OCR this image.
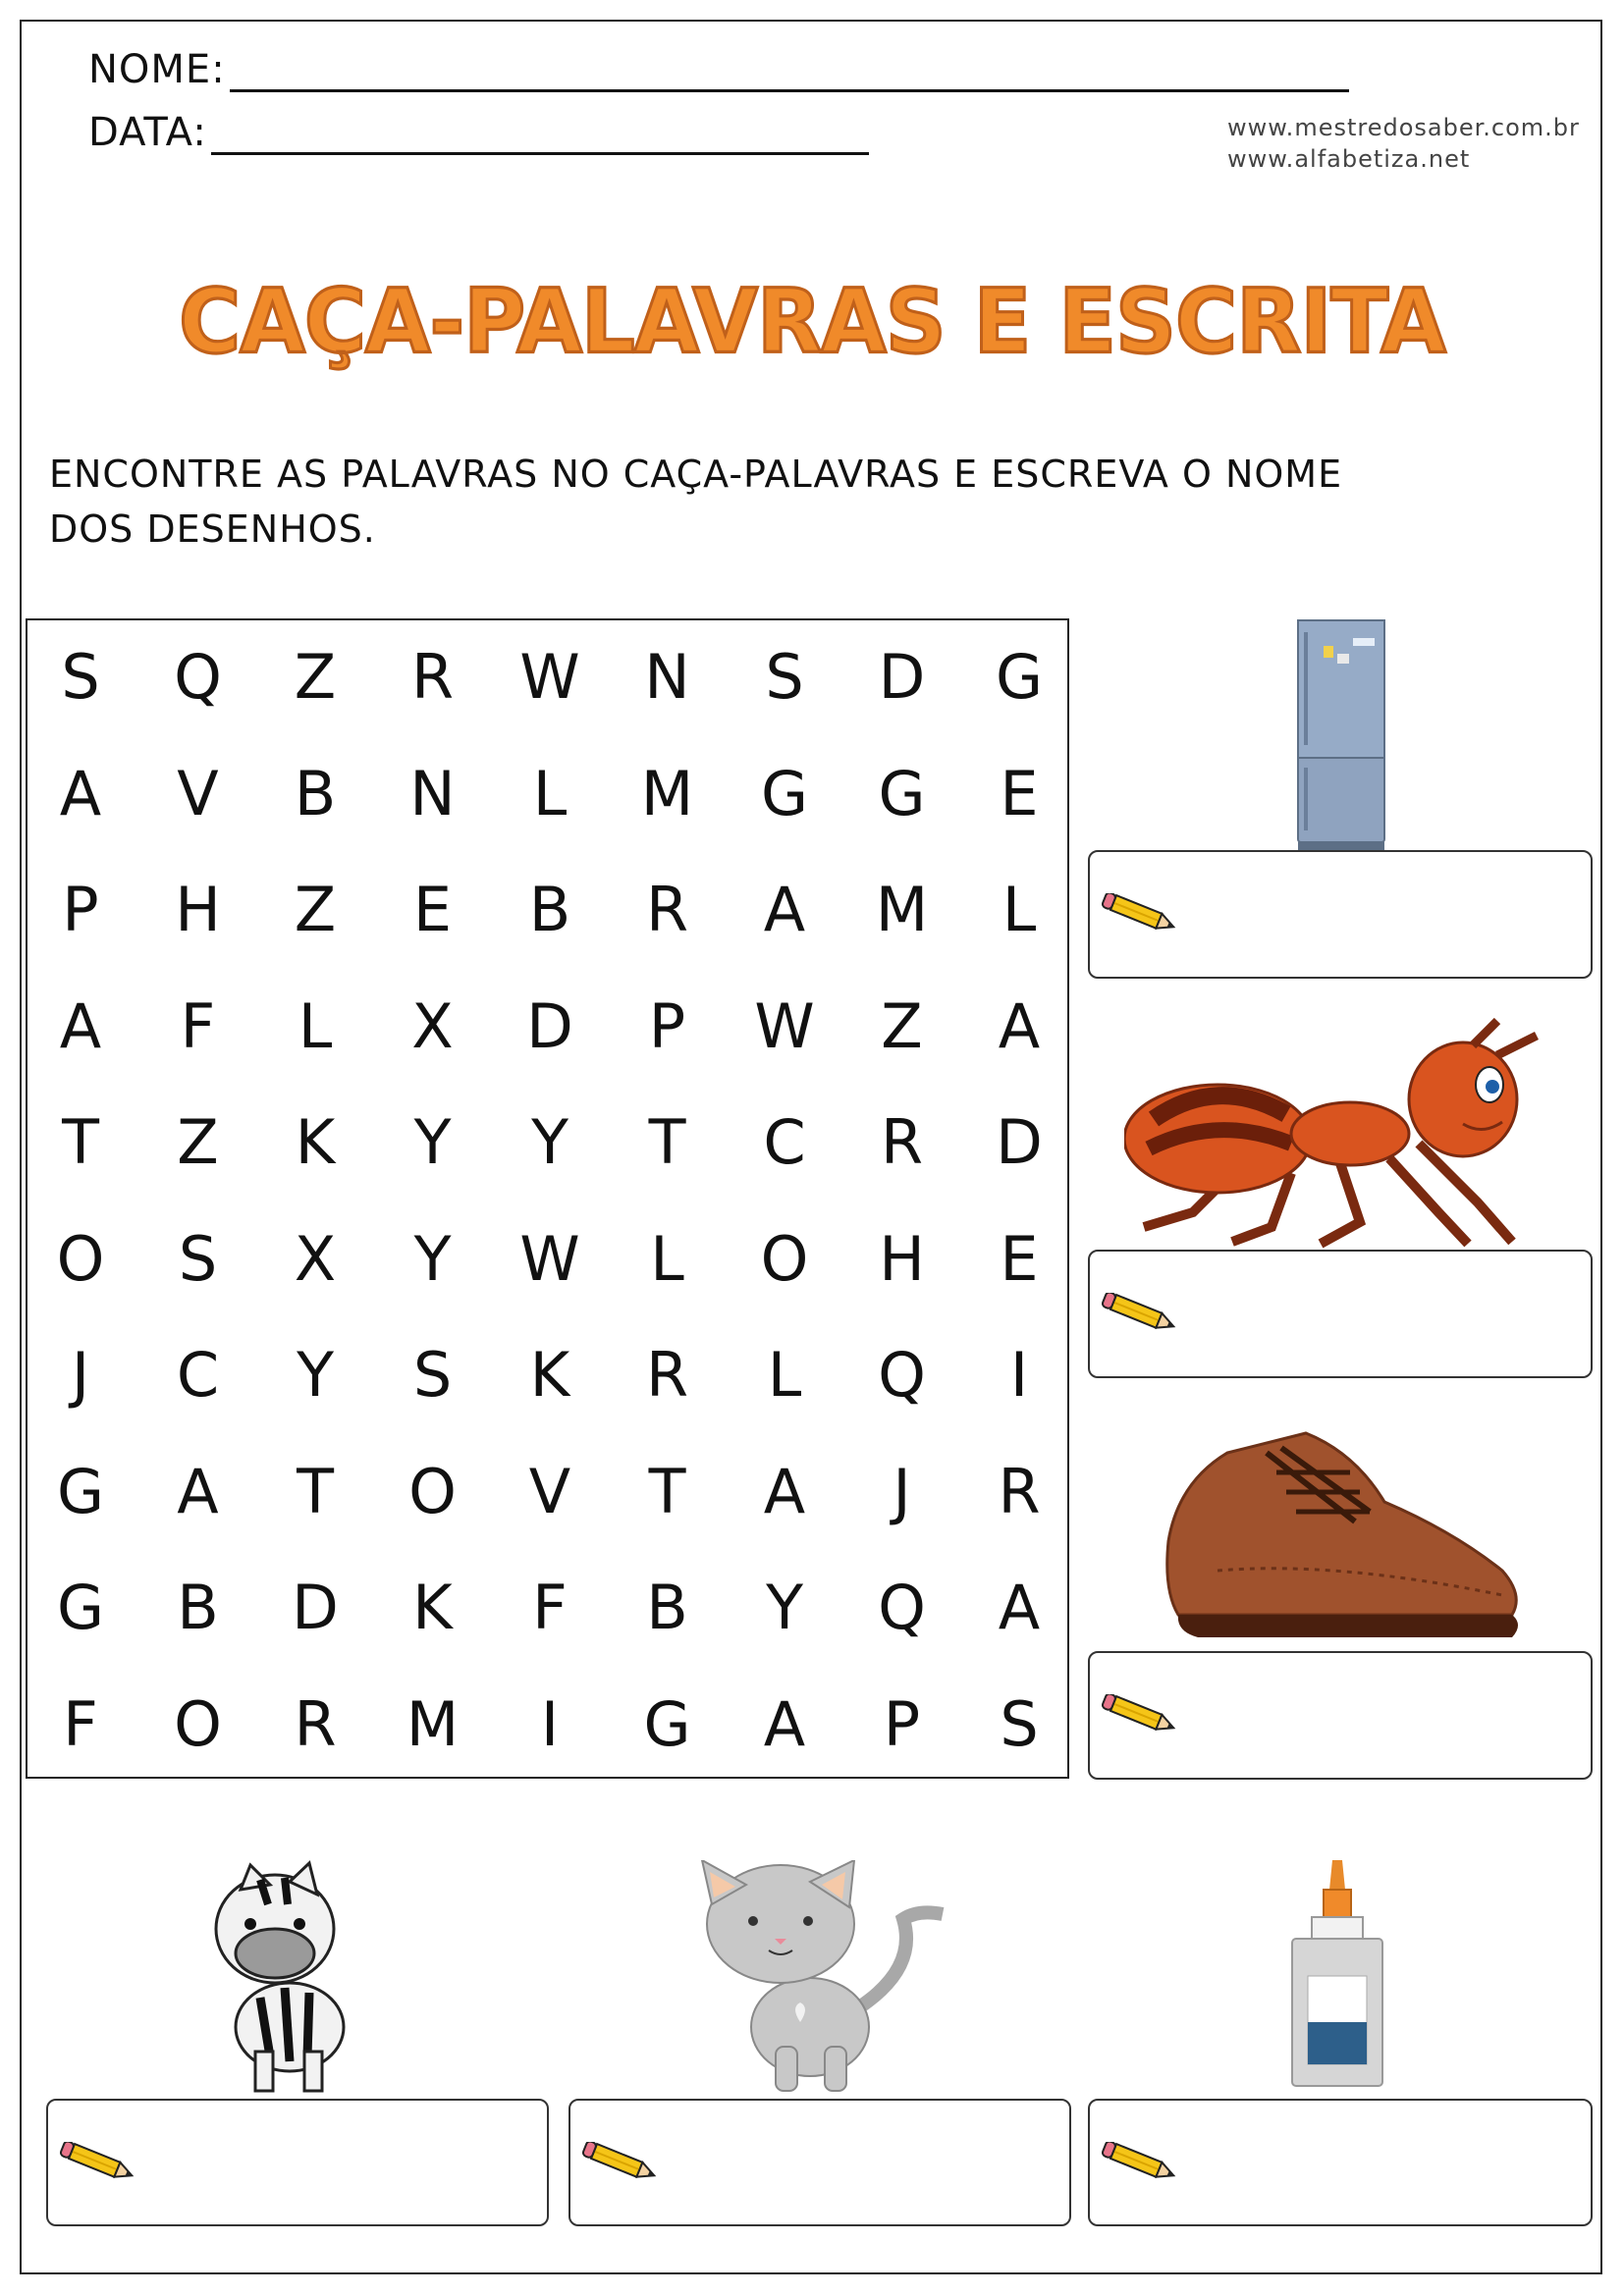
NOME:
DATA:	www.mestredosaber.com.br
www.alfabetiza.net
CAÇA-PALAVRAS E ESCRITA
ENCONTRE AS PALAVRAS NO CAÇA-PALAVRAS E ESCREVA O NOME
DOS DESENHOS.
S	Q	Z	R	W	N	S	D	G
A	V	B	N	L	M	G	G	E
P	H	Z	E	B	R	A	M	L
A	F	L	X	D	P	W	Z	A
T	Z	K	Y	Y	T	C	R	D
O	S	X	Y	W	L	O	H	E
J	C	Y	S	K	R	L	Q	I
G	A	T	O	V	T	A	J	R
G	B	D	K	F	B	Y	Q	A
F	O	R	M	I	G	A	P	S
